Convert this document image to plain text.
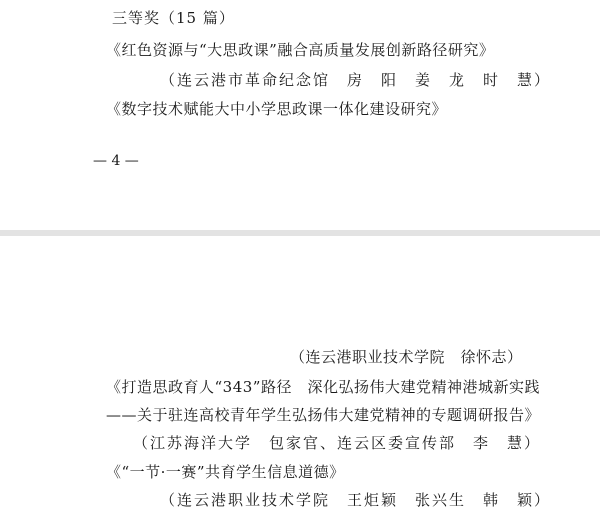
三等奖（15 篇）
《红色资源与“大思政课”融合高质量发展创新路径研究》
（连云港市革命纪念馆　房　阳　姜　龙　时　慧）
《数字技术赋能大中小学思政课一体化建设研究》
— 4 —
（连云港职业技术学院　徐怀志）
《打造思政育人“343”路径　深化弘扬伟大建党精神港城新实践
——关于驻连高校青年学生弘扬伟大建党精神的专题调研报告》
（江苏海洋大学　包家官、连云区委宣传部　李　慧）
《“一节·一赛”共育学生信息道德》
（连云港职业技术学院　王炬颖　张兴生　韩　颖）
